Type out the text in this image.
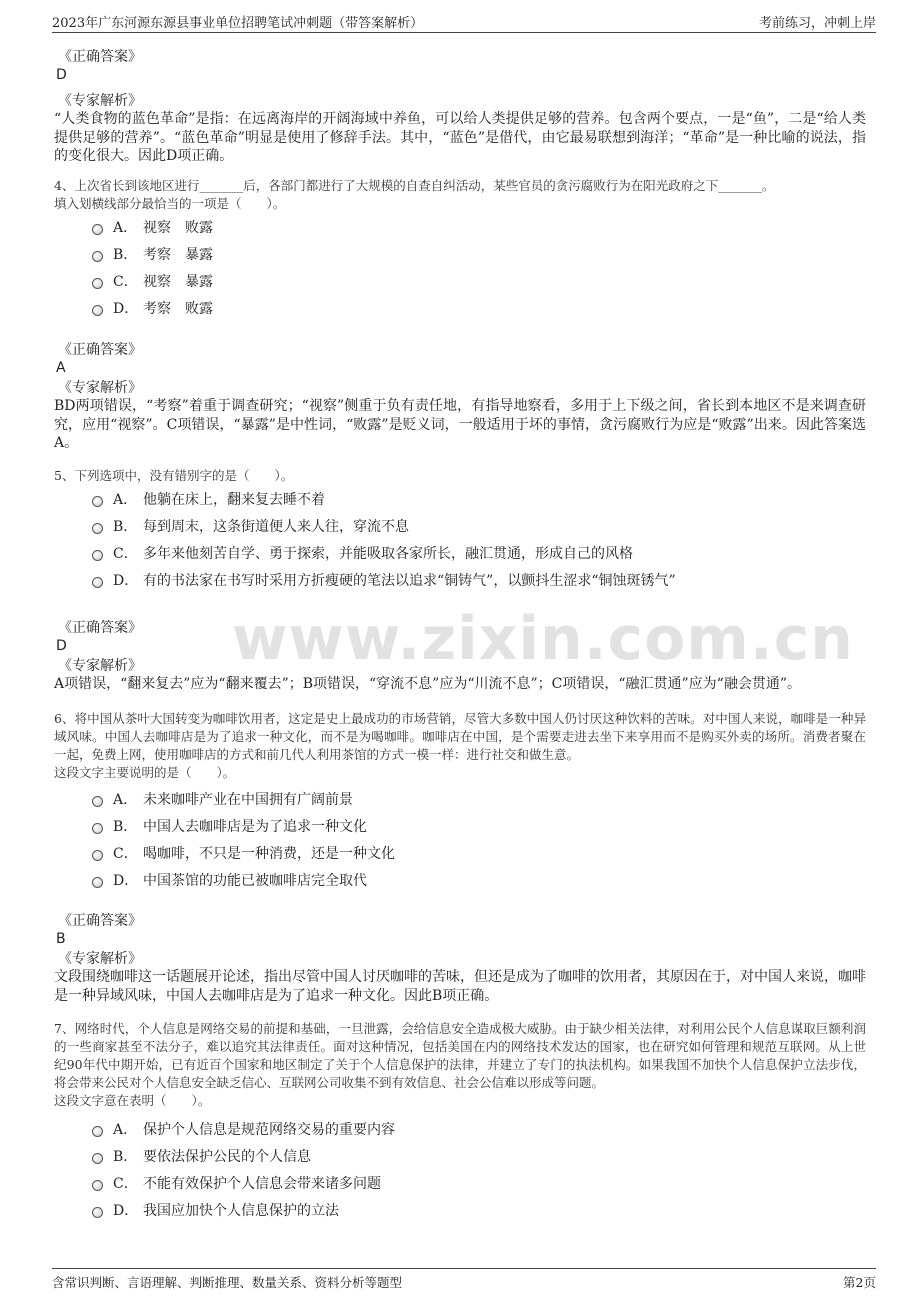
2023年广东河源东源县事业单位招聘笔试冲刺题（带答案解析）	考前练习，冲刺上岸
www.zixin.com.cn
《正确答案》
D
《专家解析》
“人类食物的蓝色革命”是指：在远离海岸的开阔海域中养鱼，可以给人类提供足够的营养。包含两个要点，一是“鱼”，二是“给人类提供足够的营养”。“蓝色革命”明显是使用了修辞手法。其中，“蓝色”是借代，由它最易联想到海洋；“革命”是一种比喻的说法，指的变化很大。因此D项正确。
4、上次省长到该地区进行_______后，各部门都进行了大规模的自查自纠活动，某些官员的贪污腐败行为在阳光政府之下_______。
填入划横线部分最恰当的一项是（　　）。
A． 视察　败露
B． 考察　暴露
C． 视察　暴露
D． 考察　败露
《正确答案》
A
《专家解析》
BD两项错误，“考察”着重于调查研究；“视察”侧重于负有责任地，有指导地察看，多用于上下级之间，省长到本地区不是来调查研究，应用“视察”。C项错误，“暴露”是中性词，“败露”是贬义词，一般适用于坏的事情，贪污腐败行为应是“败露”出来。因此答案选A。
5、下列选项中，没有错别字的是（　　）。
A． 他躺在床上，翻来复去睡不着
B． 每到周末，这条街道便人来人往，穿流不息
C． 多年来他刻苦自学、勇于探索，并能吸取各家所长，融汇贯通，形成自己的风格
D． 有的书法家在书写时采用方折瘦硬的笔法以追求“铜铸气”，以颤抖生涩求“铜蚀斑锈气”
《正确答案》
D
《专家解析》
A项错误，“翻来复去”应为“翻来覆去”；B项错误，“穿流不息”应为“川流不息”；C项错误，“融汇贯通”应为“融会贯通”。
6、将中国从茶叶大国转变为咖啡饮用者，这定是史上最成功的市场营销，尽管大多数中国人仍讨厌这种饮料的苦味。对中国人来说，咖啡是一种异域风味。中国人去咖啡店是为了追求一种文化，而不是为喝咖啡。咖啡店在中国，是个需要走进去坐下来享用而不是购买外卖的场所。消费者聚在一起，免费上网，使用咖啡店的方式和前几代人利用茶馆的方式一模一样：进行社交和做生意。
这段文字主要说明的是（　　）。
A． 未来咖啡产业在中国拥有广阔前景
B． 中国人去咖啡店是为了追求一种文化
C． 喝咖啡，不只是一种消费，还是一种文化
D． 中国茶馆的功能已被咖啡店完全取代
《正确答案》
B
《专家解析》
文段围绕咖啡这一话题展开论述，指出尽管中国人讨厌咖啡的苦味，但还是成为了咖啡的饮用者，其原因在于，对中国人来说，咖啡是一种异域风味，中国人去咖啡店是为了追求一种文化。因此B项正确。
7、网络时代，个人信息是网络交易的前提和基础，一旦泄露，会给信息安全造成极大威胁。由于缺少相关法律，对利用公民个人信息谋取巨额利润的一些商家甚至不法分子，难以追究其法律责任。面对这种情况，包括美国在内的网络技术发达的国家，也在研究如何管理和规范互联网。从上世纪90年代中期开始，已有近百个国家和地区制定了关于个人信息保护的法律，并建立了专门的执法机构。如果我国不加快个人信息保护立法步伐，将会带来公民对个人信息安全缺乏信心、互联网公司收集不到有效信息、社会公信难以形成等问题。
这段文字意在表明（　　）。
A． 保护个人信息是规范网络交易的重要内容
B． 要依法保护公民的个人信息
C． 不能有效保护个人信息会带来诸多问题
D． 我国应加快个人信息保护的立法
含常识判断、言语理解、判断推理、数量关系、资料分析等题型	第2页
